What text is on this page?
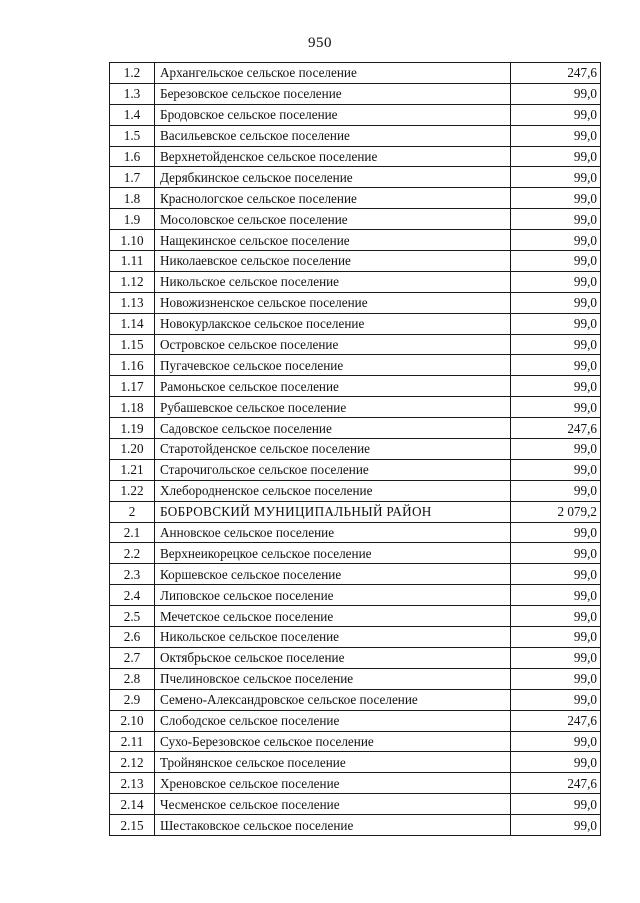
950
1.2	Архангельское сельское поселение	247,6
1.3	Березовское сельское поселение	99,0
1.4	Бродовское сельское поселение	99,0
1.5	Васильевское сельское поселение	99,0
1.6	Верхнетойденское сельское поселение	99,0
1.7	Дерябкинское сельское поселение	99,0
1.8	Краснологское сельское поселение	99,0
1.9	Мосоловское сельское поселение	99,0
1.10	Нащекинское сельское поселение	99,0
1.11	Николаевское сельское поселение	99,0
1.12	Никольское сельское поселение	99,0
1.13	Новожизненское сельское поселение	99,0
1.14	Новокурлакское сельское поселение	99,0
1.15	Островское сельское поселение	99,0
1.16	Пугачевское сельское поселение	99,0
1.17	Рамоньское сельское поселение	99,0
1.18	Рубашевское сельское поселение	99,0
1.19	Садовское сельское поселение	247,6
1.20	Старотойденское сельское поселение	99,0
1.21	Старочигольское сельское поселение	99,0
1.22	Хлебородненское сельское поселение	99,0
2	БОБРОВСКИЙ МУНИЦИПАЛЬНЫЙ РАЙОН	2 079,2
2.1	Анновское сельское поселение	99,0
2.2	Верхнеикорецкое сельское поселение	99,0
2.3	Коршевское сельское поселение	99,0
2.4	Липовское сельское поселение	99,0
2.5	Мечетское сельское поселение	99,0
2.6	Никольское сельское поселение	99,0
2.7	Октябрьское сельское поселение	99,0
2.8	Пчелиновское сельское поселение	99,0
2.9	Семено-Александровское сельское поселение	99,0
2.10	Слободское сельское поселение	247,6
2.11	Сухо-Березовское сельское поселение	99,0
2.12	Тройнянское сельское поселение	99,0
2.13	Хреновское сельское поселение	247,6
2.14	Чесменское сельское поселение	99,0
2.15	Шестаковское сельское поселение	99,0
